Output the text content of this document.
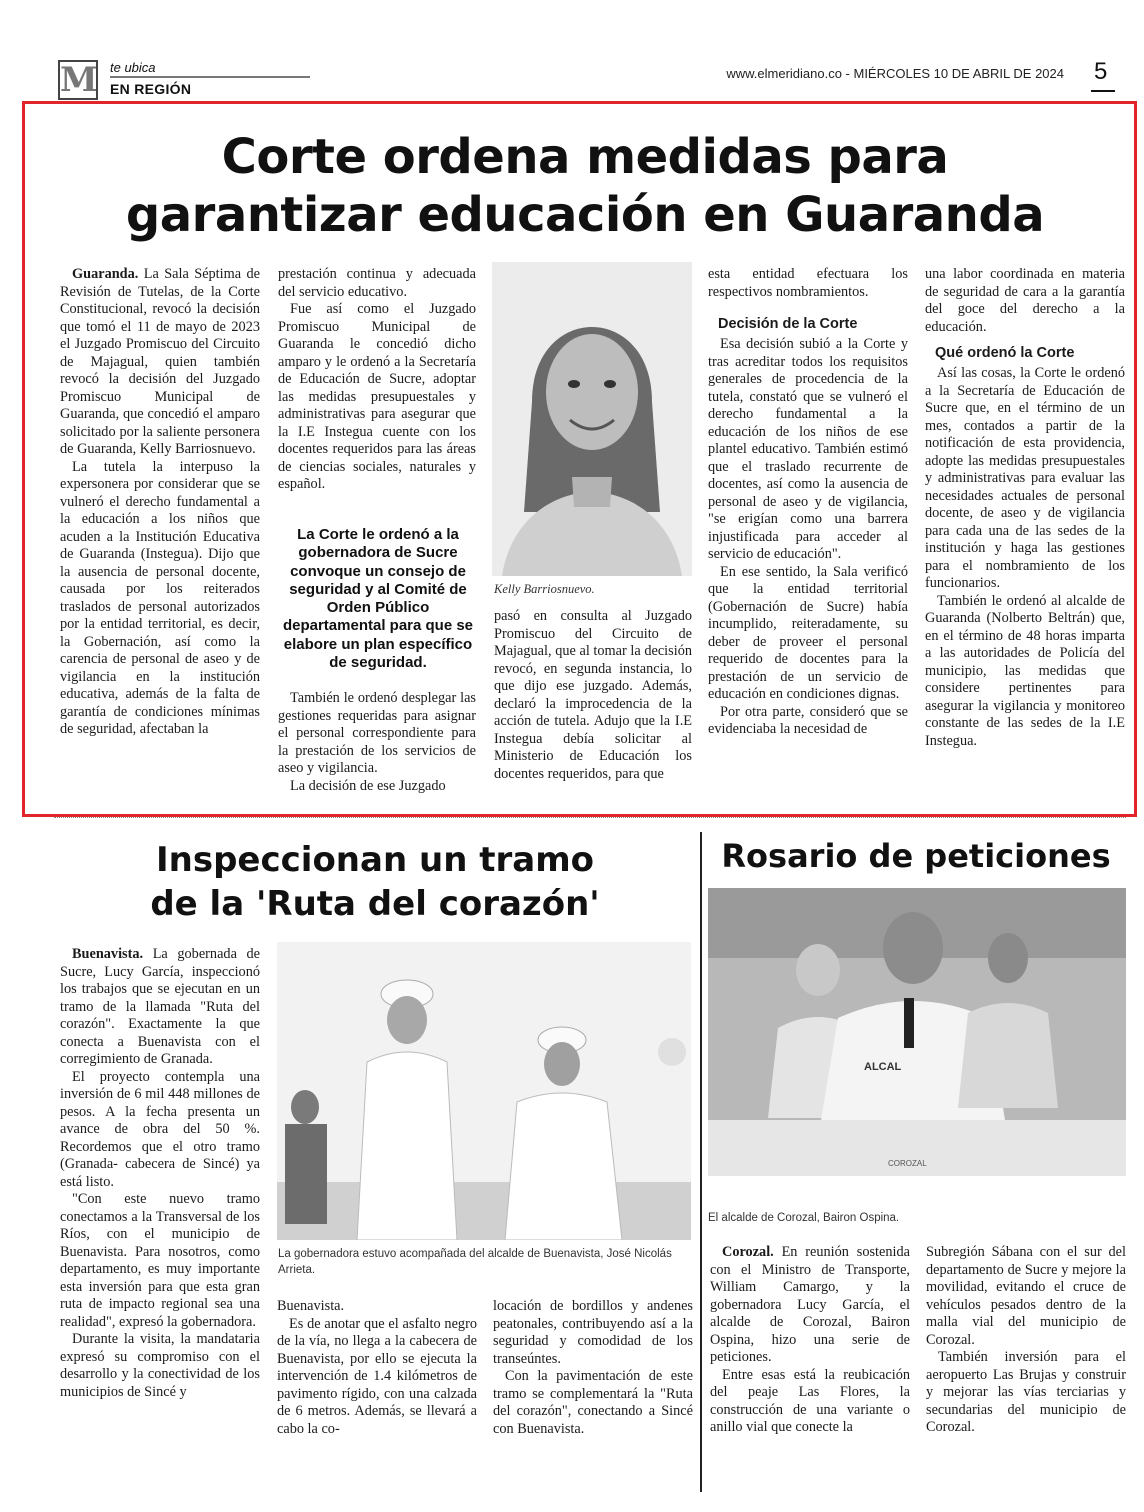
M te ubica
EN REGIÓN
www.elmeridiano.co - MIÉRCOLES 10 DE ABRIL DE 2024 5
Corte ordena medidas para
garantizar educación en Guaranda

Guaranda. La Sala Séptima de Revisión de Tutelas, de la Corte Constitucional, revocó la decisión que tomó el 11 de mayo de 2023 el Juzgado Promiscuo del Circuito de Majagual, quien también revocó la decisión del Juzgado Promiscuo Municipal de Guaranda, que concedió el amparo solicitado por la saliente personera de Guaranda, Kelly Barriosnuevo.

La tutela la interpuso la expersonera por considerar que se vulneró el derecho fundamental a la educación a los niños que acuden a la Institución Educativa de Guaranda (Instegua). Dijo que la ausencia de personal docente, causada por los reiterados traslados de personal autorizados por la entidad territorial, es decir, la Gobernación, así como la carencia de personal de aseo y de vigilancia en la institución educativa, además de la falta de garantía de condiciones mínimas de seguridad, afectaban la

prestación continua y adecuada del servicio educativo.

Fue así como el Juzgado Promiscuo Municipal de Guaranda le concedió dicho amparo y le ordenó a la Secretaría de Educación de Sucre, adoptar las medidas presupuestales y administrativas para asegurar que la I.E Instegua cuente con los docentes requeridos para las áreas de ciencias sociales, naturales y español.

La Corte le ordenó a la gobernadora de Sucre convoque un consejo de seguridad y al Comité de Orden Público departamental para que se elabore un plan específico de seguridad.

También le ordenó desplegar las gestiones requeridas para asignar el personal correspondiente para la prestación de los servicios de aseo y vigilancia.

La decisión de ese Juzgado

Kelly Barriosnuevo.

pasó en consulta al Juzgado Promiscuo del Circuito de Majagual, que al tomar la decisión revocó, en segunda instancia, lo que dijo ese juzgado. Además, declaró la improcedencia de la acción de tutela. Adujo que la I.E Instegua debía solicitar al Ministerio de Educación los docentes requeridos, para que

esta entidad efectuara los respectivos nombramientos.

Decisión de la Corte

Esa decisión subió a la Corte y tras acreditar todos los requisitos generales de procedencia de la tutela, constató que se vulneró el derecho fundamental a la educación de los niños de ese plantel educativo. También estimó que el traslado recurrente de docentes, así como la ausencia de personal de aseo y de vigilancia, "se erigían como una barrera injustificada para acceder al servicio de educación".

En ese sentido, la Sala verificó que la entidad territorial (Gobernación de Sucre) había incumplido, reiteradamente, su deber de proveer el personal requerido de docentes para la prestación de un servicio de educación en condiciones dignas.

Por otra parte, consideró que se evidenciaba la necesidad de

una labor coordinada en materia de seguridad de cara a la garantía del goce del derecho a la educación.

Qué ordenó la Corte

Así las cosas, la Corte le ordenó a la Secretaría de Educación de Sucre que, en el término de un mes, contados a partir de la notificación de esta providencia, adopte las medidas presupuestales y administrativas para evaluar las necesidades actuales de personal docente, de aseo y de vigilancia para cada una de las sedes de la institución y haga las gestiones para el nombramiento de los funcionarios.

También le ordenó al alcalde de Guaranda (Nolberto Beltrán) que, en el término de 48 horas imparta a las autoridades de Policía del municipio, las medidas que considere pertinentes para asegurar la vigilancia y monitoreo constante de las sedes de la I.E Instegua.

Inspeccionan un tramo
de la 'Ruta del corazón'

Buenavista. La gobernada de Sucre, Lucy García, inspeccionó los trabajos que se ejecutan en un tramo de la llamada "Ruta del corazón". Exactamente la que conecta a Buenavista con el corregimiento de Granada.

El proyecto contempla una inversión de 6 mil 448 millones de pesos. A la fecha presenta un avance de obra del 50 %. Recordemos que el otro tramo (Granada- cabecera de Sincé) ya está listo.

"Con este nuevo tramo conectamos a la Transversal de los Ríos, con el municipio de Buenavista. Para nosotros, como departamento, es muy importante esta inversión para que esta gran ruta de impacto regional sea una realidad", expresó la gobernadora.

Durante la visita, la mandataria expresó su compromiso con el desarrollo y la conectividad de los municipios de Sincé y

La gobernadora estuvo acompañada del alcalde de Buenavista, José Nicolás Arrieta.

Buenavista.

Es de anotar que el asfalto negro de la vía, no llega a la cabecera de Buenavista, por ello se ejecuta la intervención de 1.4 kilómetros de pavimento rígido, con una calzada de 6 metros. Además, se llevará a cabo la co-

locación de bordillos y andenes peatonales, contribuyendo así a la seguridad y comodidad de los transeúntes.

Con la pavimentación de este tramo se complementará la "Ruta del corazón", conectando a Sincé con Buenavista.

Rosario de peticiones
ALCAL
COROZAL
El alcalde de Corozal, Bairon Ospina.

Corozal. En reunión sostenida con el Ministro de Transporte, William Camargo, y la gobernadora Lucy García, el alcalde de Corozal, Bairon Ospina, hizo una serie de peticiones.

Entre esas está la reubicación del peaje Las Flores, la construcción de una variante o anillo vial que conecte la

Subregión Sábana con el sur del departamento de Sucre y mejore la movilidad, evitando el cruce de vehículos pesados dentro de la malla vial del municipio de Corozal.

También inversión para el aeropuerto Las Brujas y construir y mejorar las vías terciarias y secundarias del municipio de Corozal.
